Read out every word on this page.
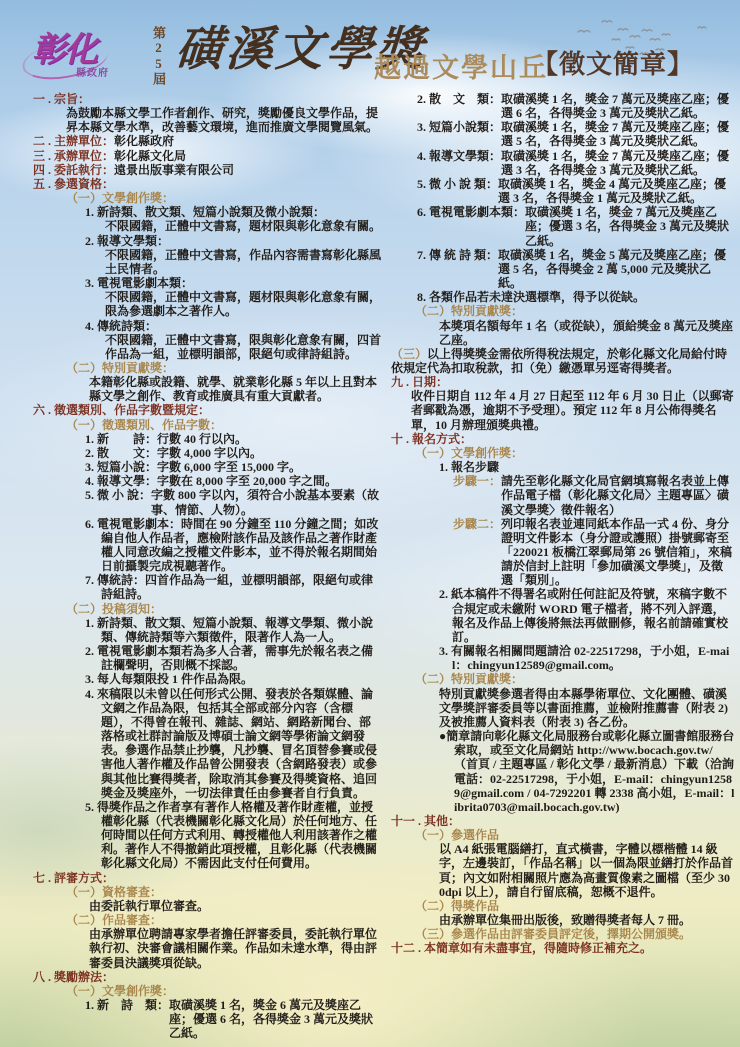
彰化
縣政府	第25屆 磺溪文學獎
越過文學山丘
【徵文簡章】
一 . 宗旨：
為鼓勵本縣文學工作者創作、研究，獎勵優良文學作品，提昇本縣文學水準，改善藝文環境，進而推廣文學閱覽風氣。
二 . 主辦單位：彰化縣政府
三 . 承辦單位：彰化縣文化局
四 . 委託執行：遠景出版事業有限公司
五 . 參選資格：
（一）文學創作獎：
1. 新詩類、散文類、短篇小說類及微小說類：
不限國籍，正體中文書寫，題材限與彰化意象有關。
2. 報導文學類：
不限國籍，正體中文書寫，作品內容需書寫彰化縣風土民情者。
3. 電視電影劇本類：
不限國籍，正體中文書寫，題材限與彰化意象有關，限為參選劇本之著作人。
4. 傳統詩類：
不限國籍，正體中文書寫，限與彰化意象有關，四首作品為一組，並標明韻部，限絕句或律詩組詩。
（二）特別貢獻獎：
本籍彰化縣或設籍、就學、就業彰化縣 5 年以上且對本縣文學之創作、教育或推廣具有重大貢獻者。
六 . 徵選類別、作品字數暨規定：
（一）徵選類別、作品字數：
1. 新　　詩： 行數 40 行以內。
2. 散　　文： 字數 4,000 字以內。
3. 短篇小說： 字數 6,000 字至 15,000 字。
4. 報導文學： 字數在 8,000 字至 20,000 字之間。
5. 微 小 說： 字數 800 字以內，須符合小說基本要素（故事、情節、人物）。
6. 電視電影劇本：時間在 90 分鐘至 110 分鐘之間；如改編自他人作品者，應檢附該作品及該作品之著作財產權人同意改編之授權文件影本，並不得於報名期間始日前攝製完成視聽著作。
7. 傳統詩：四首作品為一組，並標明韻部，限絕句或律詩組詩。
（二）投稿須知：
1. 新詩類、散文類、短篇小說類、報導文學類、微小說類、傳統詩類等六類徵件，限著作人為一人。
2. 電視電影劇本類若為多人合著，需事先於報名表之備註欄聲明，否則概不採認。
3. 每人每類限投 1 件作品為限。
4. 來稿限以未曾以任何形式公開、發表於各類媒體、論文網之作品為限，包括其全部或部分內容（含標題），不得曾在報刊、雜誌、網站、網路新聞台、部落格或社群討論版及博碩士論文網等學術論文網發表。參選作品禁止抄襲，凡抄襲、冒名頂替參賽或侵害他人著作權及作品曾公開發表（含網路發表）或參與其他比賽得獎者，除取消其參賽及得獎資格、追回獎金及獎座外，一切法律責任由參賽者自行負責。
5. 得獎作品之作者享有著作人格權及著作財產權，並授權彰化縣（代表機關彰化縣文化局）於任何地方、任何時間以任何方式利用、轉授權他人利用該著作之權利。著作人不得撤銷此項授權，且彰化縣（代表機關彰化縣文化局）不需因此支付任何費用。
七 . 評審方式：
（一）資格審查：
由委託執行單位審查。
（二）作品審查：
由承辦單位聘請專家學者擔任評審委員，委託執行單位執行初、決審會議相關作業。作品如未達水準，得由評審委員決議獎項從缺。
八 . 獎勵辦法：
（一）文學創作獎：
1. 新　詩　類： 取磺溪獎 1 名，獎金 6 萬元及獎座乙座；優選 6 名，各得獎金 3 萬元及獎狀乙紙。
2. 散　文　類： 取磺溪獎 1 名，獎金 7 萬元及獎座乙座；優選 6 名，各得獎金 3 萬元及獎狀乙紙。
3. 短篇小說類： 取磺溪獎 1 名，獎金 7 萬元及獎座乙座；優選 5 名，各得獎金 3 萬元及獎狀乙紙。
4. 報導文學類： 取磺溪獎 1 名，獎金 7 萬元及獎座乙座；優選 3 名，各得獎金 3 萬元及獎狀乙紙。
5. 微 小 說 類： 取磺溪獎 1 名，獎金 4 萬元及獎座乙座；優選 3 名，各得獎金 1 萬元及獎狀乙紙。
6. 電視電影劇本類： 取磺溪獎 1 名，獎金 7 萬元及獎座乙座；優選 3 名，各得獎金 3 萬元及獎狀乙紙。
7. 傳 統 詩 類： 取磺溪獎 1 名，獎金 5 萬元及獎座乙座；優選 5 名，各得獎金 2 萬 5,000 元及獎狀乙紙。
8. 各類作品若未達決選標準，得予以從缺。
（二）特別貢獻獎：
本獎項名額每年 1 名（或從缺），頒給獎金 8 萬元及獎座乙座。
（三）以上得獎獎金需依所得稅法規定，於彰化縣文化局給付時依規定代為扣取稅款，扣（免）繳憑單另逕寄得獎者。
九 . 日期：
收件日期自 112 年 4 月 27 日起至 112 年 6 月 30 日止（以郵寄者郵戳為憑，逾期不予受理）。預定 112 年 8 月公佈得獎名單，10 月辦理頒獎典禮。
十 . 報名方式：
（一）文學創作獎：
1. 報名步驟
步驟一： 請先至彰化縣文化局官網填寫報名表並上傳作品電子檔（彰化縣文化局〉主題專區〉磺溪文學獎〉徵件報名）
步驟二： 列印報名表並連同紙本作品一式 4 份、身分證明文件影本（身分證或護照）掛號郵寄至「220021 板橋江翠郵局第 26 號信箱」，來稿請於信封上註明「參加磺溪文學獎」，及徵選「類別」。
2. 紙本稿件不得署名或附任何註記及符號，來稿字數不合規定或未繳附 WORD 電子檔者，將不列入評選，報名及作品上傳後將無法再做刪修，報名前請確實校訂。
3. 有關報名相關問題請洽 02-22517298，于小姐，E-mail：chingyun12589@gmail.com。
（二）特別貢獻獎：
特別貢獻獎參選者得由本縣學術單位、文化團體、磺溪文學獎評審委員等以書面推薦，並檢附推薦書（附表 2) 及被推薦人資料表（附表 3) 各乙份。
●簡章請向彰化縣文化局服務台或彰化縣立圖書館服務台索取，或至文化局網站 http://www.bocach.gov.tw/（首頁 / 主題專區 / 彰化文學 / 最新消息）下載（洽詢電話：02-22517298，于小姐，E-mail：chingyun12589@gmail.com / 04-7292201 轉 2338 高小姐，E-mail：librita0703@mail.bocach.gov.tw)
十一 . 其他：
（一）參選作品
以 A4 紙張電腦繕打，直式橫書，字體以標楷體 14 級字，左邊裝訂，「作品名稱」以一個為限並繕打於作品首頁；內文如附相關照片應為高畫質像素之圖檔（至少 300dpi 以上），請自行留底稿，恕概不退件。
（二）得獎作品
由承辦單位集冊出版後，致贈得獎者每人 7 冊。
（三）參選作品由評審委員評定後，擇期公開頒獎。
十二 . 本簡章如有未盡事宜，得隨時修正補充之。
